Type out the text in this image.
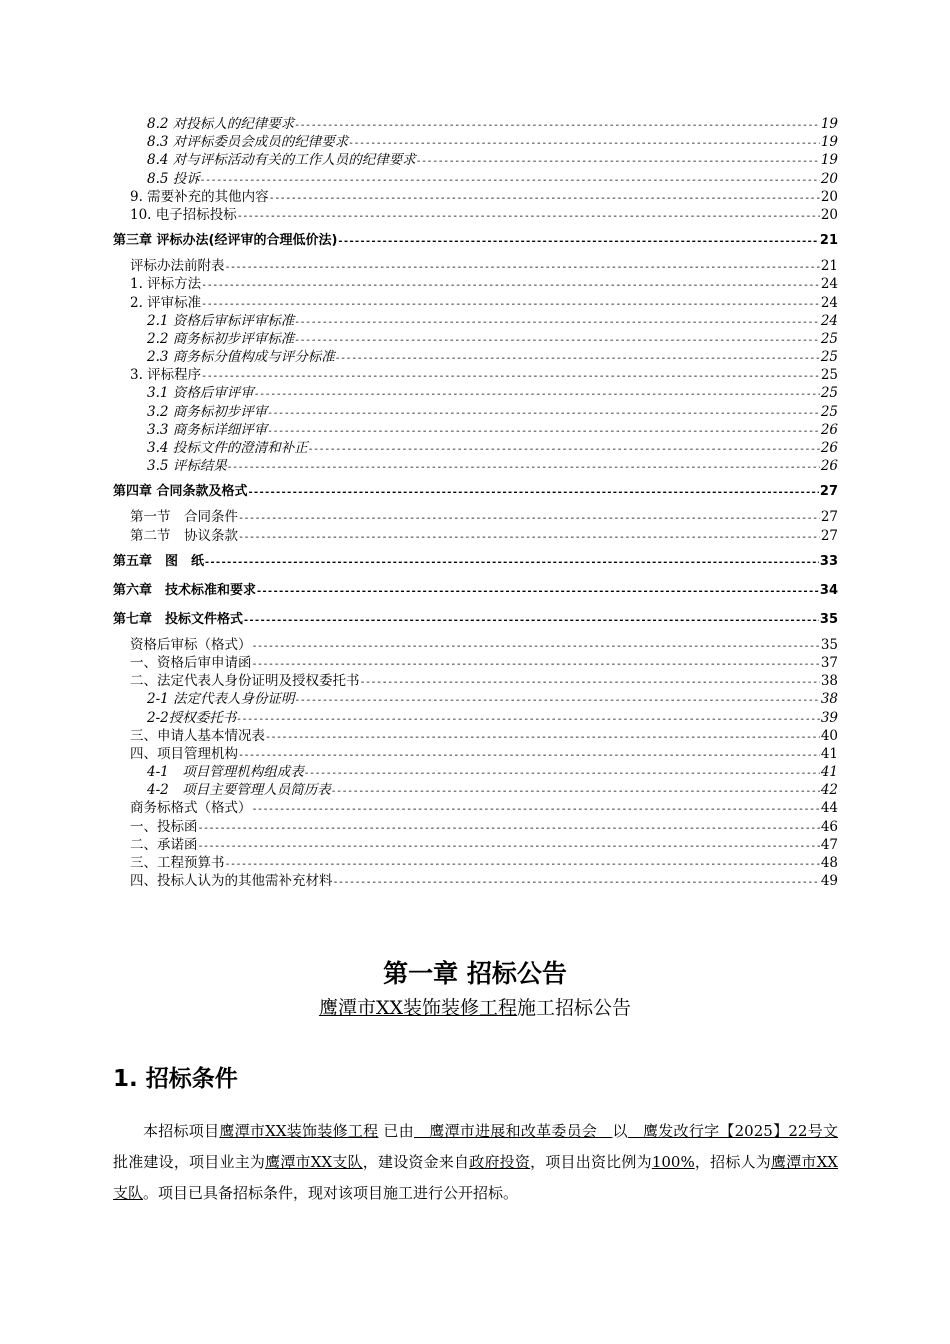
8.2 对投标人的纪律要求 -----	19
8.3 对评标委员会成员的纪律要求 -----	19
8.4 对与评标活动有关的工作人员的纪律要求 -----	19
8.5 投诉 -----	20
9. 需要补充的其他内容 -----	20
10. 电子招标投标 -----	20
第三章 评标办法(经评审的合理低价法) -----	21
评标办法前附表 -----	21
1. 评标方法 -----	24
2. 评审标准 -----	24
2.1 资格后审标评审标准 -----	24
2.2 商务标初步评审标准 -----	25
2.3 商务标分值构成与评分标准 -----	25
3. 评标程序 -----	25
3.1 资格后审评审 -----	25
3.2 商务标初步评审 -----	25
3.3 商务标详细评审 -----	26
3.4 投标文件的澄清和补正 -----	26
3.5 评标结果 -----	26
第四章 合同条款及格式 -----	27
第一节　合同条件 -----	27
第二节　协议条款 -----	27
第五章　图　纸 -----	33
第六章　技术标准和要求 -----	34
第七章　投标文件格式 -----	35
资格后审标（格式） -----	35
一、资格后审申请函 -----	37
二、法定代表人身份证明及授权委托书 -----	38
2-1 法定代表人身份证明 -----	38
2-2授权委托书 -----	39
三、申请人基本情况表 -----	40
四、项目管理机构 -----	41
4-1　项目管理机构组成表 -----	41
4-2　项目主要管理人员简历表 -----	42
商务标格式（格式） -----	44
一、投标函 -----	46
二、承诺函 -----	47
三、工程预算书 -----	48
四、投标人认为的其他需补充材料 -----	49
第一章 招标公告
鹰潭市XX装饰装修工程施工招标公告
1. 招标条件
本招标项目鹰潭市XX装饰装修工程 已由　鹰潭市进展和改革委员会　以　鹰发改行字【2025】22号文批准建设，项目业主为鹰潭市XX支队，建设资金来自政府投资，项目出资比例为100%，招标人为鹰潭市XX支队。项目已具备招标条件，现对该项目施工进行公开招标。
